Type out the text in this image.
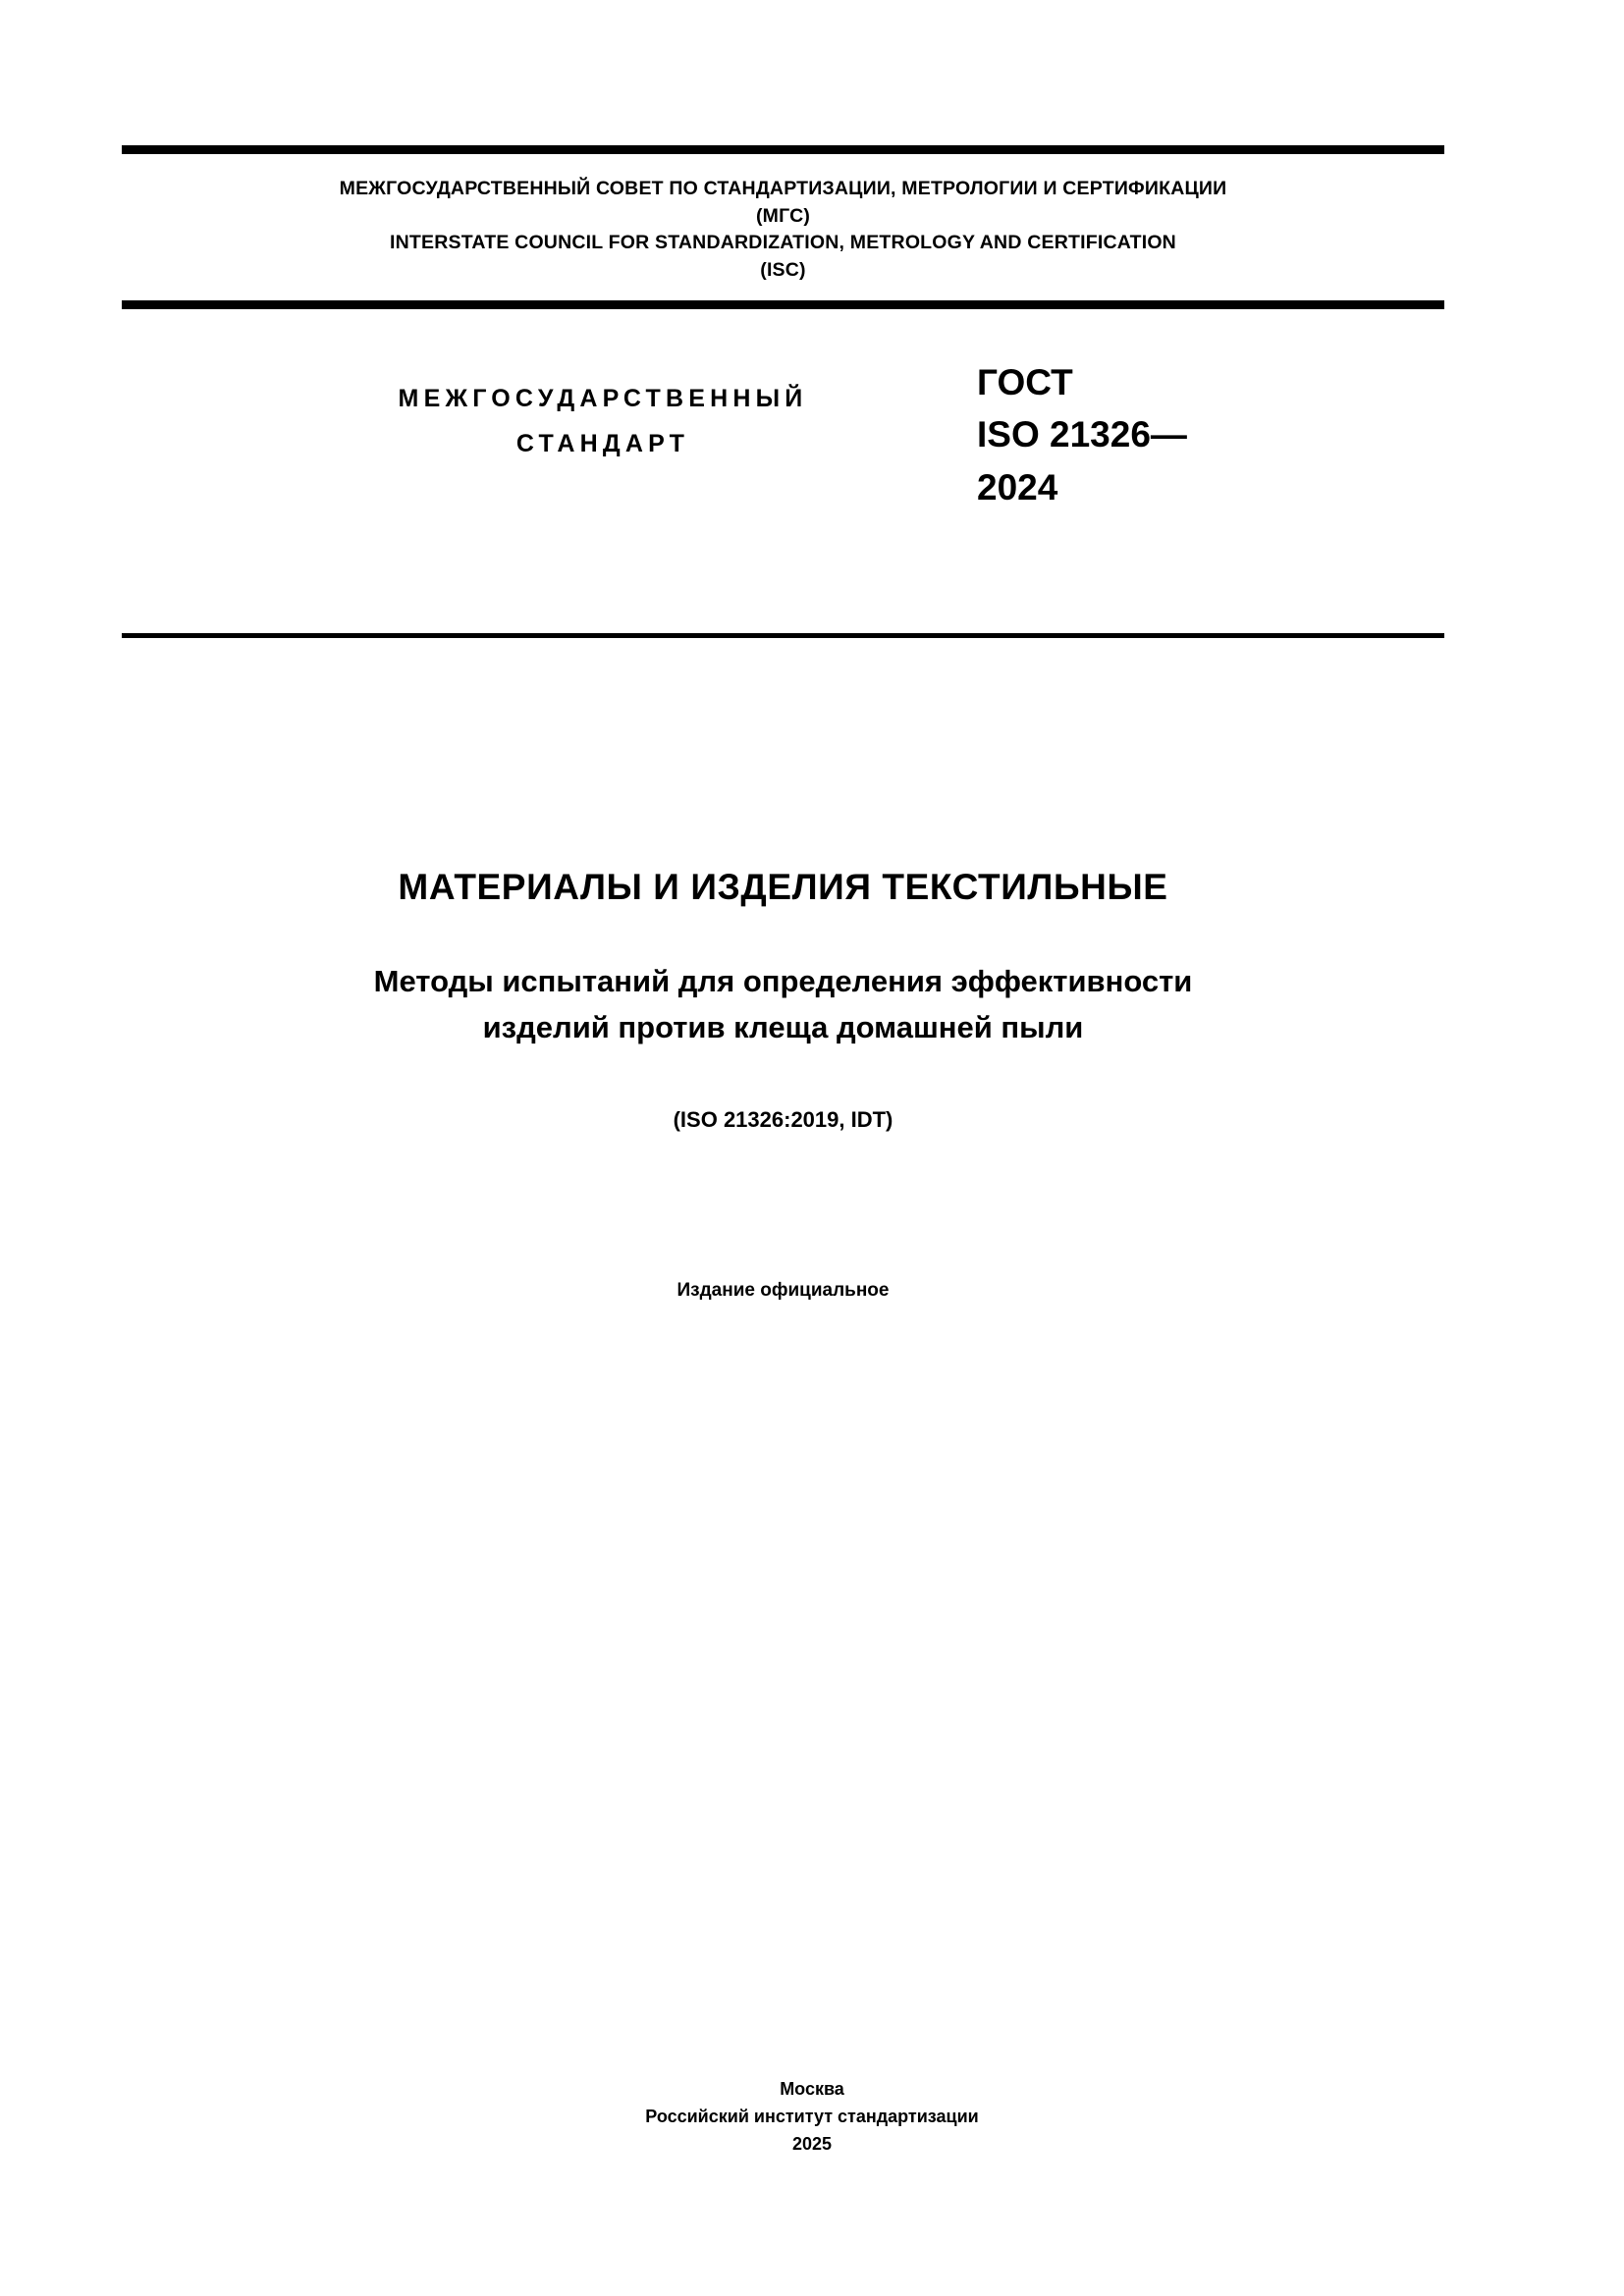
МЕЖГОСУДАРСТВЕННЫЙ СОВЕТ ПО СТАНДАРТИЗАЦИИ, МЕТРОЛОГИИ И СЕРТИФИКАЦИИ
(МГС)
INTERSTATE COUNCIL FOR STANDARDIZATION, METROLOGY AND CERTIFICATION
(ISC)
МЕЖГОСУДАРСТВЕННЫЙ
СТАНДАРТ
ГОСТ
ISO 21326—
2024
МАТЕРИАЛЫ И ИЗДЕЛИЯ ТЕКСТИЛЬНЫЕ
Методы испытаний для определения эффективности
изделий против клеща домашней пыли
(ISO 21326:2019, IDT)
Издание официальное
Москва
Российский институт стандартизации
2025
